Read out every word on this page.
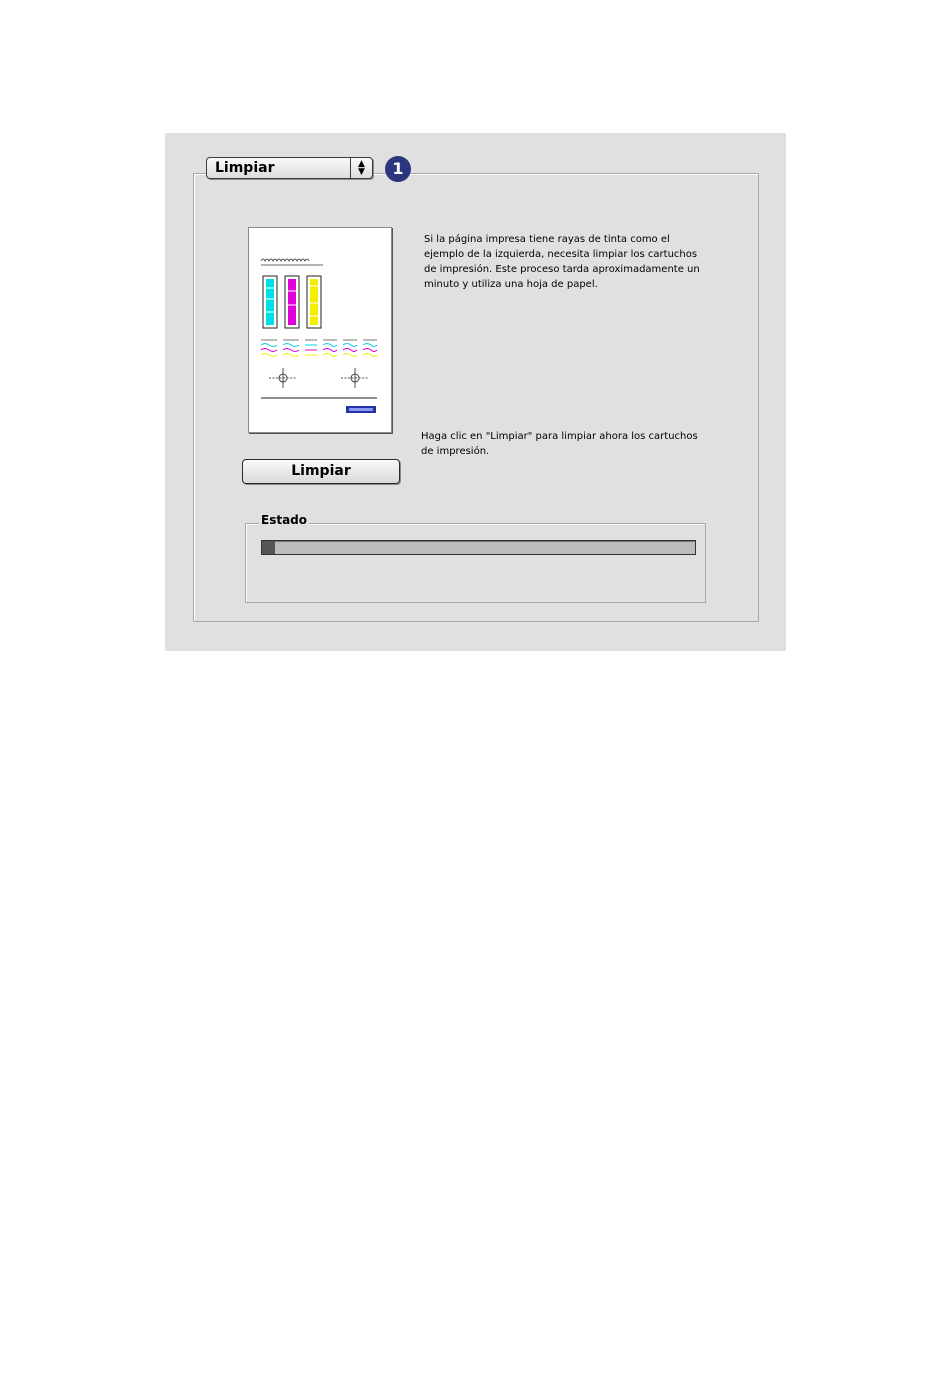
Limpiar	▲
▼	1
Si la página impresa tiene rayas de tinta como el ejemplo de la izquierda, necesita limpiar los cartuchos de impresión. Este proceso tarda aproximadamente un minuto y utiliza una hoja de papel.
Haga clic en "Limpiar" para limpiar ahora los cartuchos de impresión.
Limpiar
Estado
